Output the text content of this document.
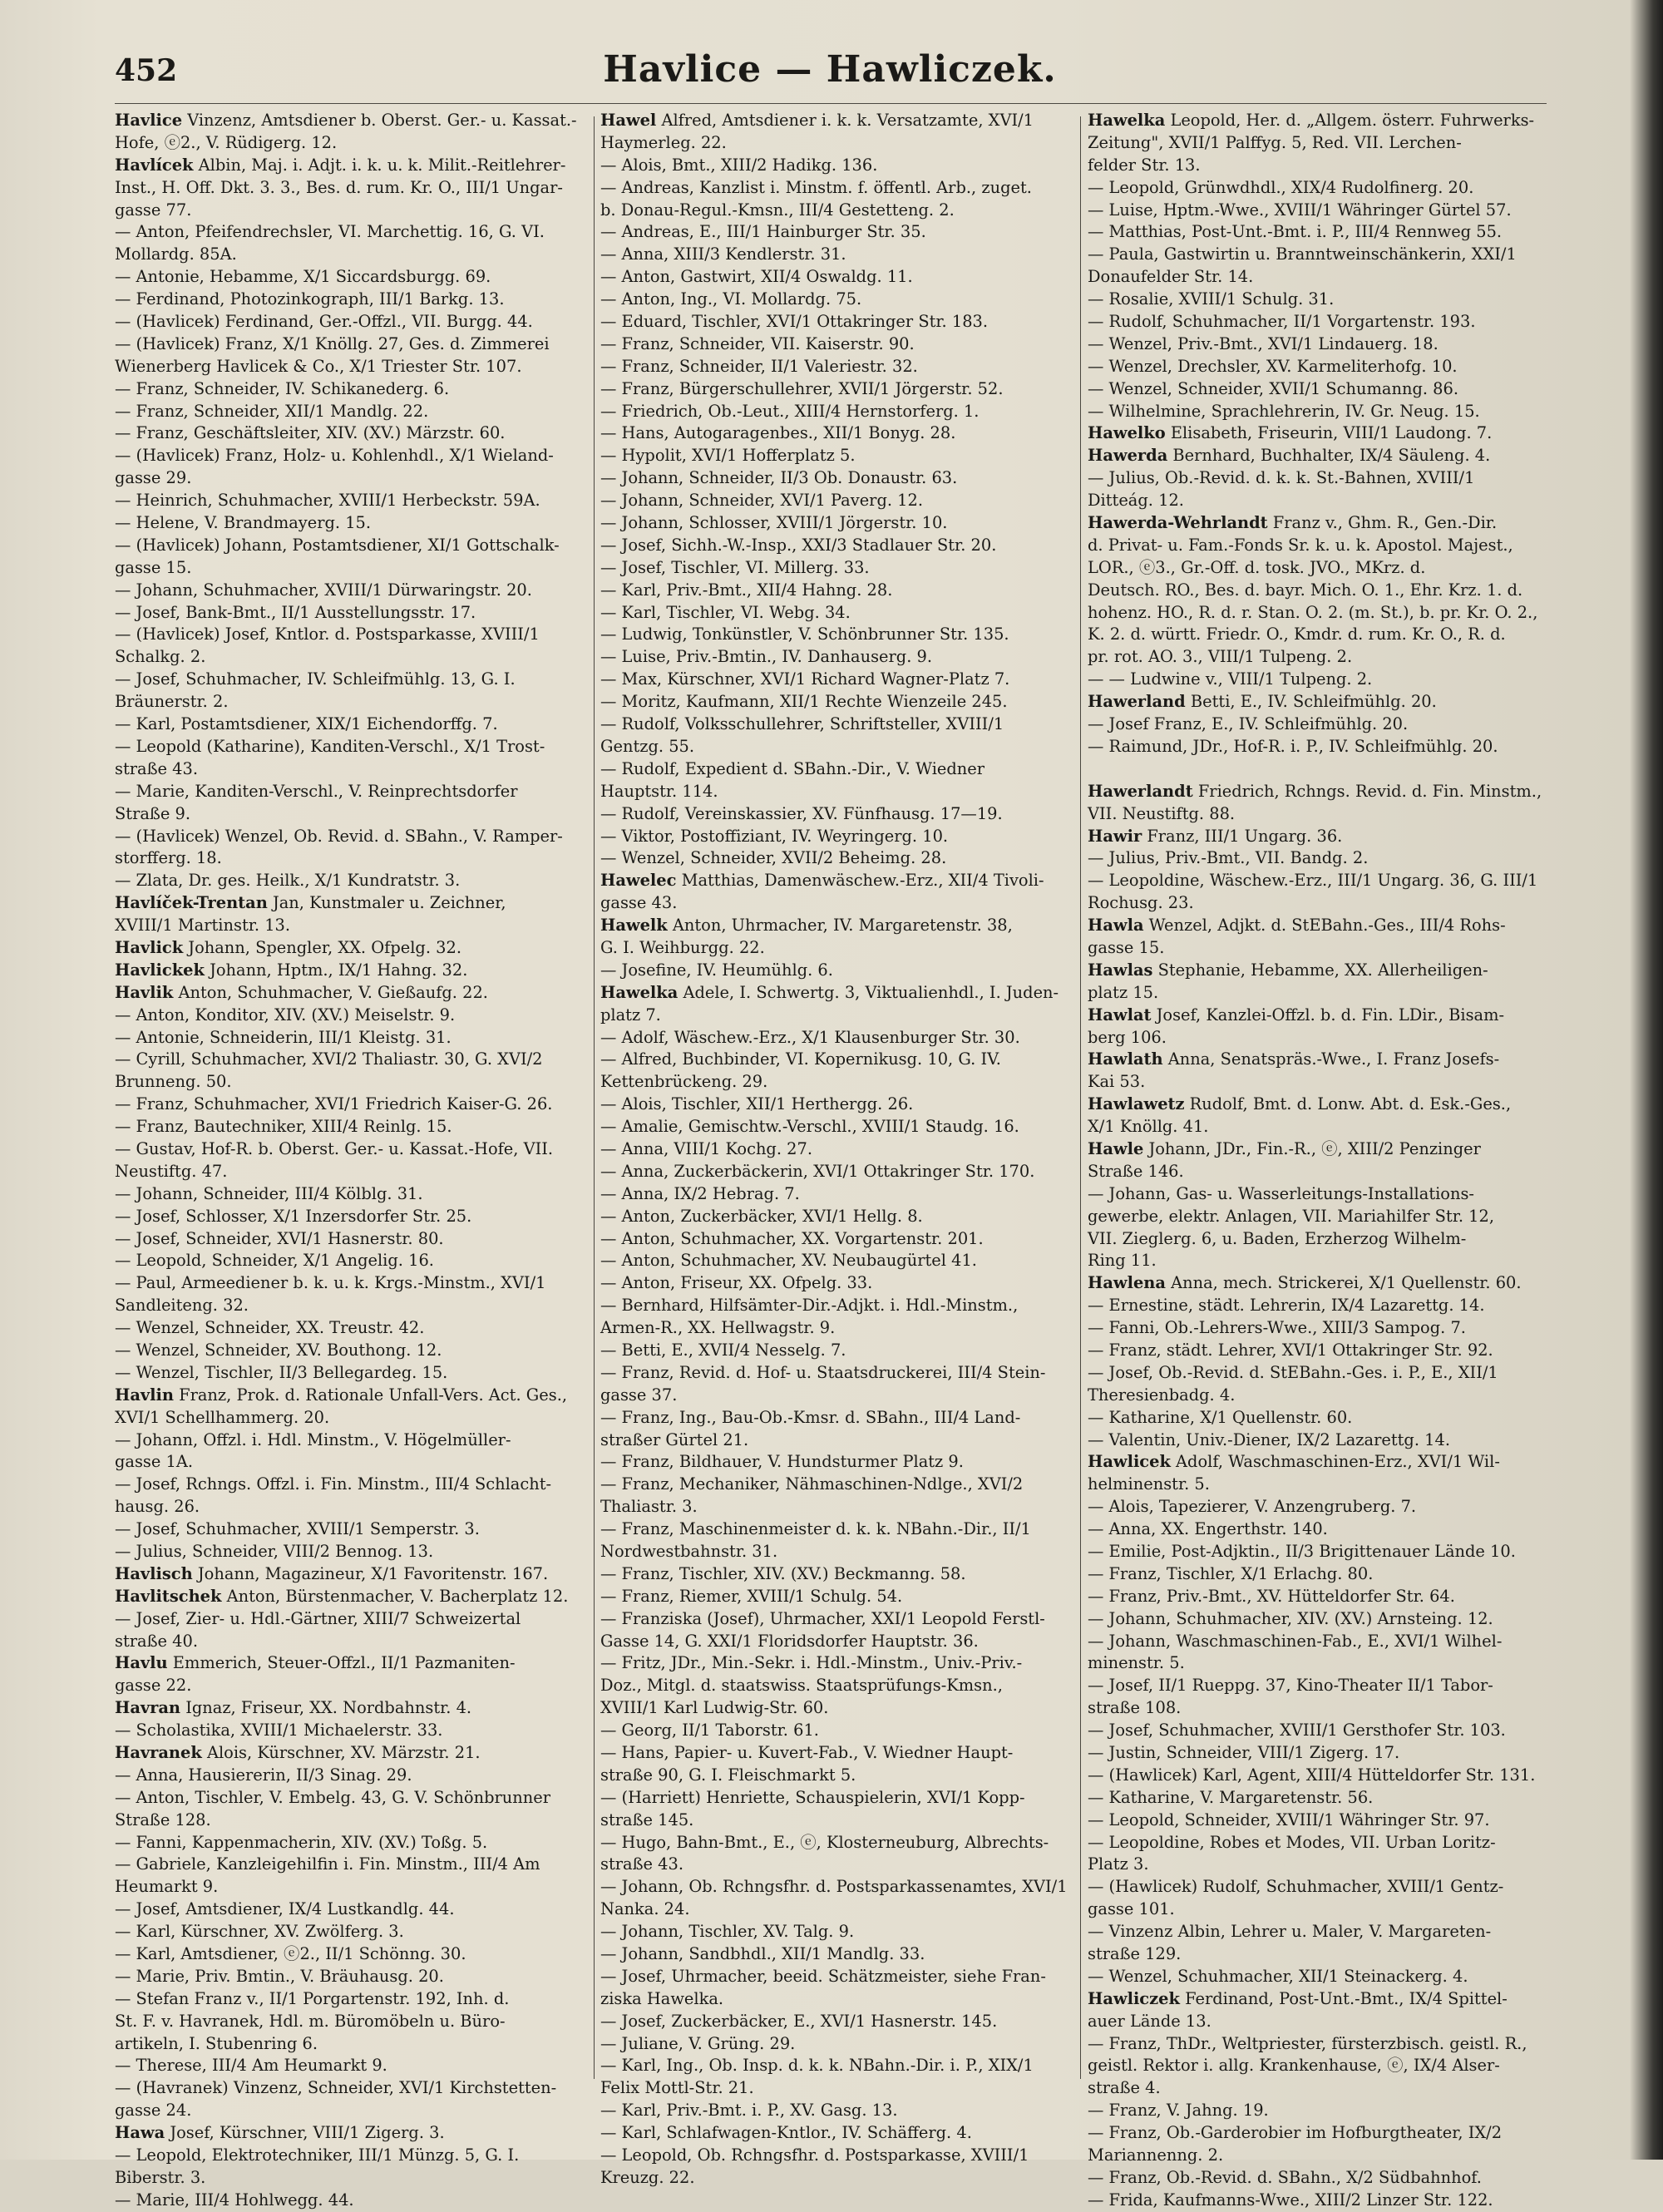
452	Havlice — Hawliczek.
Havlice Vinzenz, Amtsdiener b. Oberst. Ger.- u. Kassat.-
Hofe, ⓔ2., V. Rüdigerg. 12.
Havlícek Albin, Maj. i. Adjt. i. k. u. k. Milit.-Reitlehrer-
Inst., H. Off. Dkt. 3. 3., Bes. d. rum. Kr. O., III/1 Ungar-
gasse 77.
— Anton, Pfeifendrechsler, VI. Marchettig. 16, G. VI.
Mollardg. 85A.
— Antonie, Hebamme, X/1 Siccardsburgg. 69.
— Ferdinand, Photozinkograph, III/1 Barkg. 13.
— (Havlicek) Ferdinand, Ger.-Offzl., VII. Burgg. 44.
— (Havlicek) Franz, X/1 Knöllg. 27, Ges. d. Zimmerei
Wienerberg Havlicek & Co., X/1 Triester Str. 107.
— Franz, Schneider, IV. Schikanederg. 6.
— Franz, Schneider, XII/1 Mandlg. 22.
— Franz, Geschäftsleiter, XIV. (XV.) Märzstr. 60.
— (Havlicek) Franz, Holz- u. Kohlenhdl., X/1 Wieland-
gasse 29.
— Heinrich, Schuhmacher, XVIII/1 Herbeckstr. 59A.
— Helene, V. Brandmayerg. 15.
— (Havlicek) Johann, Postamtsdiener, XI/1 Gottschalk-
gasse 15.
— Johann, Schuhmacher, XVIII/1 Dürwaringstr. 20.
— Josef, Bank-Bmt., II/1 Ausstellungsstr. 17.
— (Havlicek) Josef, Kntlor. d. Postsparkasse, XVIII/1
Schalkg. 2.
— Josef, Schuhmacher, IV. Schleifmühlg. 13, G. I.
Bräunerstr. 2.
— Karl, Postamtsdiener, XIX/1 Eichendorffg. 7.
— Leopold (Katharine), Kanditen-Verschl., X/1 Trost-
straße 43.
— Marie, Kanditen-Verschl., V. Reinprechtsdorfer
Straße 9.
— (Havlicek) Wenzel, Ob. Revid. d. SBahn., V. Ramper-
storfferg. 18.
— Zlata, Dr. ges. Heilk., X/1 Kundratstr. 3.
Havlíček-Trentan Jan, Kunstmaler u. Zeichner,
XVIII/1 Martinstr. 13.
Havlick Johann, Spengler, XX. Ofpelg. 32.
Havlickek Johann, Hptm., IX/1 Hahng. 32.
Havlik Anton, Schuhmacher, V. Gießaufg. 22.
— Anton, Konditor, XIV. (XV.) Meiselstr. 9.
— Antonie, Schneiderin, III/1 Kleistg. 31.
— Cyrill, Schuhmacher, XVI/2 Thaliastr. 30, G. XVI/2
Brunneng. 50.
— Franz, Schuhmacher, XVI/1 Friedrich Kaiser-G. 26.
— Franz, Bautechniker, XIII/4 Reinlg. 15.
— Gustav, Hof-R. b. Oberst. Ger.- u. Kassat.-Hofe, VII.
Neustiftg. 47.
— Johann, Schneider, III/4 Kölblg. 31.
— Josef, Schlosser, X/1 Inzersdorfer Str. 25.
— Josef, Schneider, XVI/1 Hasnerstr. 80.
— Leopold, Schneider, X/1 Angelig. 16.
— Paul, Armeediener b. k. u. k. Krgs.-Minstm., XVI/1
Sandleiteng. 32.
— Wenzel, Schneider, XX. Treustr. 42.
— Wenzel, Schneider, XV. Bouthong. 12.
— Wenzel, Tischler, II/3 Bellegardeg. 15.
Havlin Franz, Prok. d. Rationale Unfall-Vers. Act. Ges.,
XVI/1 Schellhammerg. 20.
— Johann, Offzl. i. Hdl. Minstm., V. Högelmüller-
gasse 1A.
— Josef, Rchngs. Offzl. i. Fin. Minstm., III/4 Schlacht-
hausg. 26.
— Josef, Schuhmacher, XVIII/1 Semperstr. 3.
— Julius, Schneider, VIII/2 Bennog. 13.
Havlisch Johann, Magazineur, X/1 Favoritenstr. 167.
Havlitschek Anton, Bürstenmacher, V. Bacherplatz 12.
— Josef, Zier- u. Hdl.-Gärtner, XIII/7 Schweizertal
straße 40.
Havlu Emmerich, Steuer-Offzl., II/1 Pazmaniten-
gasse 22.
Havran Ignaz, Friseur, XX. Nordbahnstr. 4.
— Scholastika, XVIII/1 Michaelerstr. 33.
Havranek Alois, Kürschner, XV. Märzstr. 21.
— Anna, Hausiererin, II/3 Sinag. 29.
— Anton, Tischler, V. Embelg. 43, G. V. Schönbrunner
Straße 128.
— Fanni, Kappenmacherin, XIV. (XV.) Toßg. 5.
— Gabriele, Kanzleigehilfin i. Fin. Minstm., III/4 Am
Heumarkt 9.
— Josef, Amtsdiener, IX/4 Lustkandlg. 44.
— Karl, Kürschner, XV. Zwölferg. 3.
— Karl, Amtsdiener, ⓔ2., II/1 Schönng. 30.
— Marie, Priv. Bmtin., V. Bräuhausg. 20.
— Stefan Franz v., II/1 Porgartenstr. 192, Inh. d.
St. F. v. Havranek, Hdl. m. Büromöbeln u. Büro-
artikeln, I. Stubenring 6.
— Therese, III/4 Am Heumarkt 9.
— (Havranek) Vinzenz, Schneider, XVI/1 Kirchstetten-
gasse 24.
Hawa Josef, Kürschner, VIII/1 Zigerg. 3.
— Leopold, Elektrotechniker, III/1 Münzg. 5, G. I.
Biberstr. 3.
— Marie, III/4 Hohlwegg. 44.
Hawel Alfred, Amtsdiener i. k. k. Versatzamte, XVI/1
Haymerleg. 22.
— Alois, Bmt., XIII/2 Hadikg. 136.
— Andreas, Kanzlist i. Minstm. f. öffentl. Arb., zuget.
b. Donau-Regul.-Kmsn., III/4 Gestetteng. 2.
— Andreas, E., III/1 Hainburger Str. 35.
— Anna, XIII/3 Kendlerstr. 31.
— Anton, Gastwirt, XII/4 Oswaldg. 11.
— Anton, Ing., VI. Mollardg. 75.
— Eduard, Tischler, XVI/1 Ottakringer Str. 183.
— Franz, Schneider, VII. Kaiserstr. 90.
— Franz, Schneider, II/1 Valeriestr. 32.
— Franz, Bürgerschullehrer, XVII/1 Jörgerstr. 52.
— Friedrich, Ob.-Leut., XIII/4 Hernstorferg. 1.
— Hans, Autogaragenbes., XII/1 Bonyg. 28.
— Hypolit, XVI/1 Hofferplatz 5.
— Johann, Schneider, II/3 Ob. Donaustr. 63.
— Johann, Schneider, XVI/1 Paverg. 12.
— Johann, Schlosser, XVIII/1 Jörgerstr. 10.
— Josef, Sichh.-W.-Insp., XXI/3 Stadlauer Str. 20.
— Josef, Tischler, VI. Millerg. 33.
— Karl, Priv.-Bmt., XII/4 Hahng. 28.
— Karl, Tischler, VI. Webg. 34.
— Ludwig, Tonkünstler, V. Schönbrunner Str. 135.
— Luise, Priv.-Bmtin., IV. Danhauserg. 9.
— Max, Kürschner, XVI/1 Richard Wagner-Platz 7.
— Moritz, Kaufmann, XII/1 Rechte Wienzeile 245.
— Rudolf, Volksschullehrer, Schriftsteller, XVIII/1
Gentzg. 55.
— Rudolf, Expedient d. SBahn.-Dir., V. Wiedner
Hauptstr. 114.
— Rudolf, Vereinskassier, XV. Fünfhausg. 17—19.
— Viktor, Postoffiziant, IV. Weyringerg. 10.
— Wenzel, Schneider, XVII/2 Beheimg. 28.
Hawelec Matthias, Damenwäschew.-Erz., XII/4 Tivoli-
gasse 43.
Hawelk Anton, Uhrmacher, IV. Margaretenstr. 38,
G. I. Weihburgg. 22.
— Josefine, IV. Heumühlg. 6.
Hawelka Adele, I. Schwertg. 3, Viktualienhdl., I. Juden-
platz 7.
— Adolf, Wäschew.-Erz., X/1 Klausenburger Str. 30.
— Alfred, Buchbinder, VI. Kopernikusg. 10, G. IV.
Kettenbrückeng. 29.
— Alois, Tischler, XII/1 Herthergg. 26.
— Amalie, Gemischtw.-Verschl., XVIII/1 Staudg. 16.
— Anna, VIII/1 Kochg. 27.
— Anna, Zuckerbäckerin, XVI/1 Ottakringer Str. 170.
— Anna, IX/2 Hebrag. 7.
— Anton, Zuckerbäcker, XVI/1 Hellg. 8.
— Anton, Schuhmacher, XX. Vorgartenstr. 201.
— Anton, Schuhmacher, XV. Neubaugürtel 41.
— Anton, Friseur, XX. Ofpelg. 33.
— Bernhard, Hilfsämter-Dir.-Adjkt. i. Hdl.-Minstm.,
Armen-R., XX. Hellwagstr. 9.
— Betti, E., XVII/4 Nesselg. 7.
— Franz, Revid. d. Hof- u. Staatsdruckerei, III/4 Stein-
gasse 37.
— Franz, Ing., Bau-Ob.-Kmsr. d. SBahn., III/4 Land-
straßer Gürtel 21.
— Franz, Bildhauer, V. Hundsturmer Platz 9.
— Franz, Mechaniker, Nähmaschinen-Ndlge., XVI/2
Thaliastr. 3.
— Franz, Maschinenmeister d. k. k. NBahn.-Dir., II/1
Nordwestbahnstr. 31.
— Franz, Tischler, XIV. (XV.) Beckmanng. 58.
— Franz, Riemer, XVIII/1 Schulg. 54.
— Franziska (Josef), Uhrmacher, XXI/1 Leopold Ferstl-
Gasse 14, G. XXI/1 Floridsdorfer Hauptstr. 36.
— Fritz, JDr., Min.-Sekr. i. Hdl.-Minstm., Univ.-Priv.-
Doz., Mitgl. d. staatswiss. Staatsprüfungs-Kmsn.,
XVIII/1 Karl Ludwig-Str. 60.
— Georg, II/1 Taborstr. 61.
— Hans, Papier- u. Kuvert-Fab., V. Wiedner Haupt-
straße 90, G. I. Fleischmarkt 5.
— (Harriett) Henriette, Schauspielerin, XVI/1 Kopp-
straße 145.
— Hugo, Bahn-Bmt., E., ⓔ, Klosterneuburg, Albrechts-
straße 43.
— Johann, Ob. Rchngsfhr. d. Postsparkassenamtes, XVI/1
Nanka. 24.
— Johann, Tischler, XV. Talg. 9.
— Johann, Sandbhdl., XII/1 Mandlg. 33.
— Josef, Uhrmacher, beeid. Schätzmeister, siehe Fran-
ziska Hawelka.
— Josef, Zuckerbäcker, E., XVI/1 Hasnerstr. 145.
— Juliane, V. Grüng. 29.
— Karl, Ing., Ob. Insp. d. k. k. NBahn.-Dir. i. P., XIX/1
Felix Mottl-Str. 21.
— Karl, Priv.-Bmt. i. P., XV. Gasg. 13.
— Karl, Schlafwagen-Kntlor., IV. Schäfferg. 4.
— Leopold, Ob. Rchngsfhr. d. Postsparkasse, XVIII/1
Kreuzg. 22.
Hawelka Leopold, Her. d. „Allgem. österr. Fuhrwerks-
Zeitung", XVII/1 Palffyg. 5, Red. VII. Lerchen-
felder Str. 13.
— Leopold, Grünwdhdl., XIX/4 Rudolfinerg. 20.
— Luise, Hptm.-Wwe., XVIII/1 Währinger Gürtel 57.
— Matthias, Post-Unt.-Bmt. i. P., III/4 Rennweg 55.
— Paula, Gastwirtin u. Branntweinschänkerin, XXI/1
Donaufelder Str. 14.
— Rosalie, XVIII/1 Schulg. 31.
— Rudolf, Schuhmacher, II/1 Vorgartenstr. 193.
— Wenzel, Priv.-Bmt., XVI/1 Lindauerg. 18.
— Wenzel, Drechsler, XV. Karmeliterhofg. 10.
— Wenzel, Schneider, XVII/1 Schumanng. 86.
— Wilhelmine, Sprachlehrerin, IV. Gr. Neug. 15.
Hawelko Elisabeth, Friseurin, VIII/1 Laudong. 7.
Hawerda Bernhard, Buchhalter, IX/4 Säuleng. 4.
— Julius, Ob.-Revid. d. k. k. St.-Bahnen, XVIII/1
Ditteág. 12.
Hawerda-Wehrlandt Franz v., Ghm. R., Gen.-Dir.
d. Privat- u. Fam.-Fonds Sr. k. u. k. Apostol. Majest.,
LOR., ⓔ3., Gr.-Off. d. tosk. JVO., MKrz. d.
Deutsch. RO., Bes. d. bayr. Mich. O. 1., Ehr. Krz. 1. d.
hohenz. HO., R. d. r. Stan. O. 2. (m. St.), b. pr. Kr. O. 2.,
K. 2. d. württ. Friedr. O., Kmdr. d. rum. Kr. O., R. d.
pr. rot. AO. 3., VIII/1 Tulpeng. 2.
— — Ludwine v., VIII/1 Tulpeng. 2.
Hawerland Betti, E., IV. Schleifmühlg. 20.
— Josef Franz, E., IV. Schleifmühlg. 20.
— Raimund, JDr., Hof-R. i. P., IV. Schleifmühlg. 20.
Hawerlandt Friedrich, Rchngs. Revid. d. Fin. Minstm.,
VII. Neustiftg. 88.
Hawir Franz, III/1 Ungarg. 36.
— Julius, Priv.-Bmt., VII. Bandg. 2.
— Leopoldine, Wäschew.-Erz., III/1 Ungarg. 36, G. III/1
Rochusg. 23.
Hawla Wenzel, Adjkt. d. StEBahn.-Ges., III/4 Rohs-
gasse 15.
Hawlas Stephanie, Hebamme, XX. Allerheiligen-
platz 15.
Hawlat Josef, Kanzlei-Offzl. b. d. Fin. LDir., Bisam-
berg 106.
Hawlath Anna, Senatspräs.-Wwe., I. Franz Josefs-
Kai 53.
Hawlawetz Rudolf, Bmt. d. Lonw. Abt. d. Esk.-Ges.,
X/1 Knöllg. 41.
Hawle Johann, JDr., Fin.-R., ⓔ, XIII/2 Penzinger
Straße 146.
— Johann, Gas- u. Wasserleitungs-Installations-
gewerbe, elektr. Anlagen, VII. Mariahilfer Str. 12,
VII. Zieglerg. 6, u. Baden, Erzherzog Wilhelm-
Ring 11.
Hawlena Anna, mech. Strickerei, X/1 Quellenstr. 60.
— Ernestine, städt. Lehrerin, IX/4 Lazarettg. 14.
— Fanni, Ob.-Lehrers-Wwe., XIII/3 Sampog. 7.
— Franz, städt. Lehrer, XVI/1 Ottakringer Str. 92.
— Josef, Ob.-Revid. d. StEBahn.-Ges. i. P., E., XII/1
Theresienbadg. 4.
— Katharine, X/1 Quellenstr. 60.
— Valentin, Univ.-Diener, IX/2 Lazarettg. 14.
Hawlicek Adolf, Waschmaschinen-Erz., XVI/1 Wil-
helminenstr. 5.
— Alois, Tapezierer, V. Anzengruberg. 7.
— Anna, XX. Engerthstr. 140.
— Emilie, Post-Adjktin., II/3 Brigittenauer Lände 10.
— Franz, Tischler, X/1 Erlachg. 80.
— Franz, Priv.-Bmt., XV. Hütteldorfer Str. 64.
— Johann, Schuhmacher, XIV. (XV.) Arnsteing. 12.
— Johann, Waschmaschinen-Fab., E., XVI/1 Wilhel-
minenstr. 5.
— Josef, II/1 Rueppg. 37, Kino-Theater II/1 Tabor-
straße 108.
— Josef, Schuhmacher, XVIII/1 Gersthofer Str. 103.
— Justin, Schneider, VIII/1 Zigerg. 17.
— (Hawlicek) Karl, Agent, XIII/4 Hütteldorfer Str. 131.
— Katharine, V. Margaretenstr. 56.
— Leopold, Schneider, XVIII/1 Währinger Str. 97.
— Leopoldine, Robes et Modes, VII. Urban Loritz-
Platz 3.
— (Hawlicek) Rudolf, Schuhmacher, XVIII/1 Gentz-
gasse 101.
— Vinzenz Albin, Lehrer u. Maler, V. Margareten-
straße 129.
— Wenzel, Schuhmacher, XII/1 Steinackerg. 4.
Hawliczek Ferdinand, Post-Unt.-Bmt., IX/4 Spittel-
auer Lände 13.
— Franz, ThDr., Weltpriester, fürsterzbisch. geistl. R.,
geistl. Rektor i. allg. Krankenhause, ⓔ, IX/4 Alser-
straße 4.
— Franz, V. Jahng. 19.
— Franz, Ob.-Garderobier im Hofburgtheater, IX/2
Mariannenng. 2.
— Franz, Ob.-Revid. d. SBahn., X/2 Südbahnhof.
— Frida, Kaufmanns-Wwe., XIII/2 Linzer Str. 122.
